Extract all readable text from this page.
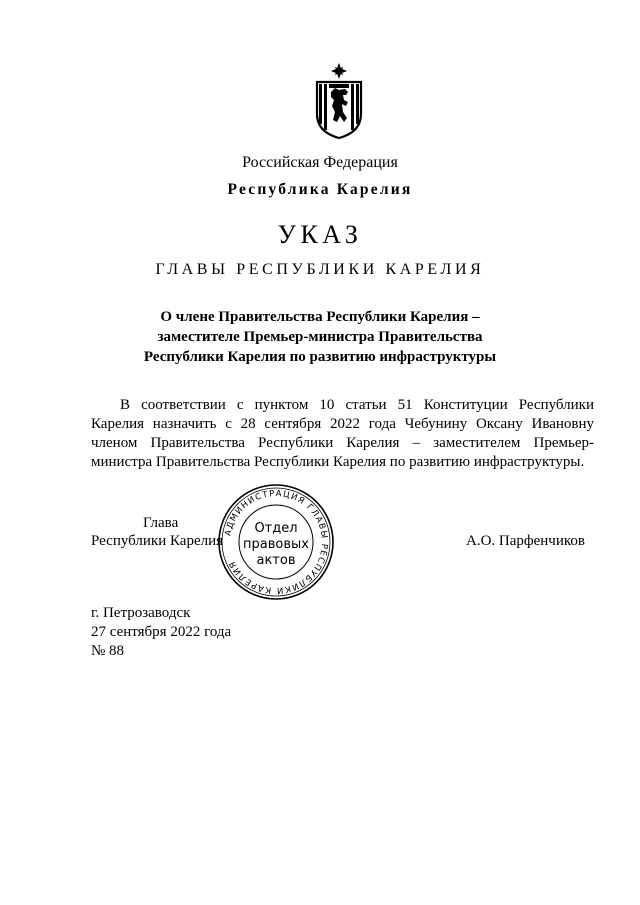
Российская Федерация
Республика Карелия
УКАЗ
ГЛАВЫ РЕСПУБЛИКИ КАРЕЛИЯ
О члене Правительства Республики Карелия –
заместителе Премьер-министра Правительства
Республики Карелия по развитию инфраструктуры
В соответствии с пунктом 10 статьи 51 Конституции Республики
Карелия назначить с 28 сентября 2022 года Чебунину Оксану Ивановну
членом Правительства Республики Карелия – заместителем Премьер-
министра Правительства Республики Карелия по развитию инфраструктуры.
Глава
Республики Карелия	А.О. Парфенчиков
АДМИНИСТРАЦИЯ ГЛАВЫ РЕСПУБЛИКИ КАРЕЛИЯ
Отдел
правовых
актов
г. Петрозаводск
27 сентября 2022 года
№ 88
